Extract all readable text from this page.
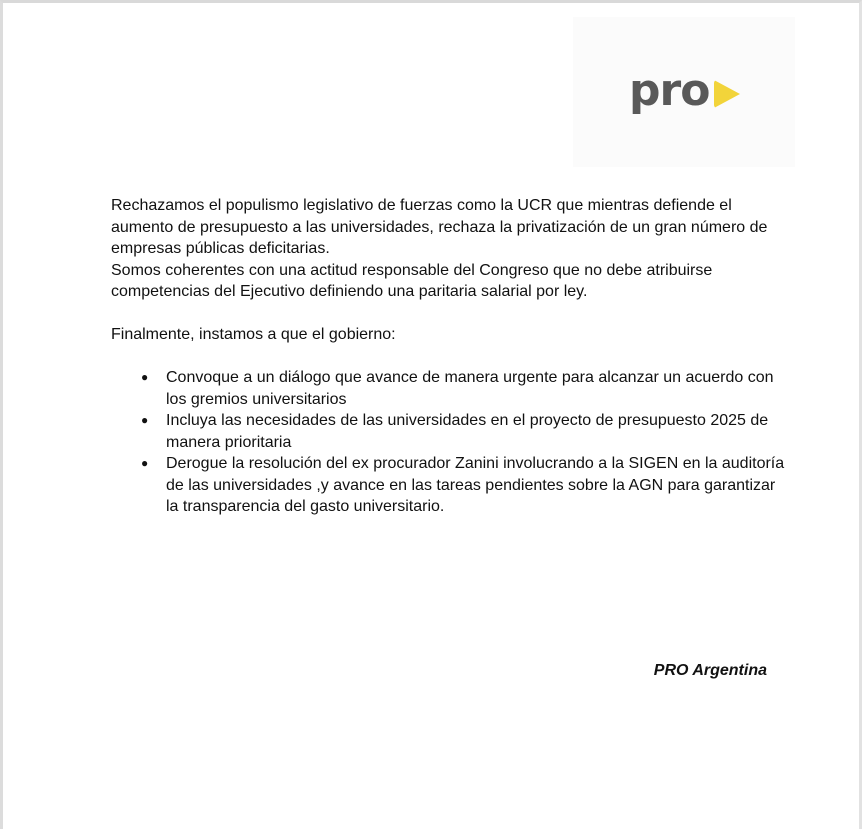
pro

Rechazamos el populismo legislativo de fuerzas como la UCR que mientras defiende el aumento de presupuesto a las universidades, rechaza la privatización de un gran número de empresas públicas deficitarias.

Somos coherentes con una actitud responsable del Congreso que no debe atribuirse competencias del Ejecutivo definiendo una paritaria salarial por ley.

Finalmente, instamos a que el gobierno:

● Convoque a un diálogo que avance de manera urgente para alcanzar un acuerdo con los gremios universitarios
● Incluya las necesidades de las universidades en el proyecto de presupuesto 2025 de manera prioritaria
● Derogue la resolución del ex procurador Zanini involucrando a la SIGEN en la auditoría de las universidades ,y avance en las tareas pendientes sobre la AGN para garantizar la transparencia del gasto universitario.
PRO Argentina
